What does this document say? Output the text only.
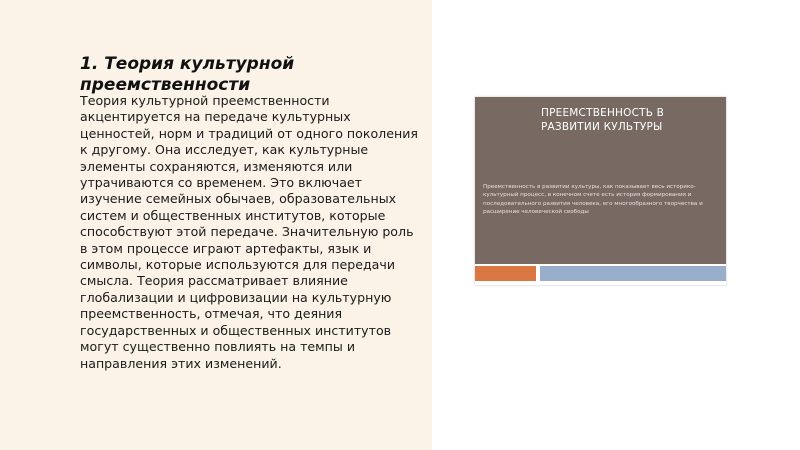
1. Теория культурной преемственности

Теория культурной преемственности акцентируется на передаче культурных ценностей, норм и традиций от одного поколения к другому. Она исследует, как культурные элементы сохраняются, изменяются или утрачиваются со временем. Это включает изучение семейных обычаев, образовательных систем и общественных институтов, которые способствуют этой передаче. Значительную роль в этом процессе играют артефакты, язык и символы, которые используются для передачи смысла. Теория рассматривает влияние глобализации и цифровизации на культурную преемственность, отмечая, что деяния государственных и общественных институтов могут существенно повлиять на темпы и направления этих изменений.

ПРЕЕМСТВЕННОСТЬ В РАЗВИТИИ КУЛЬТУРЫ
Преемственность в развитии культуры, как показывает весь историко-культурный процесс, в конечном счете есть история формирования и последовательного развития человека, его многообразного творчества и расширение человеческой свободы
